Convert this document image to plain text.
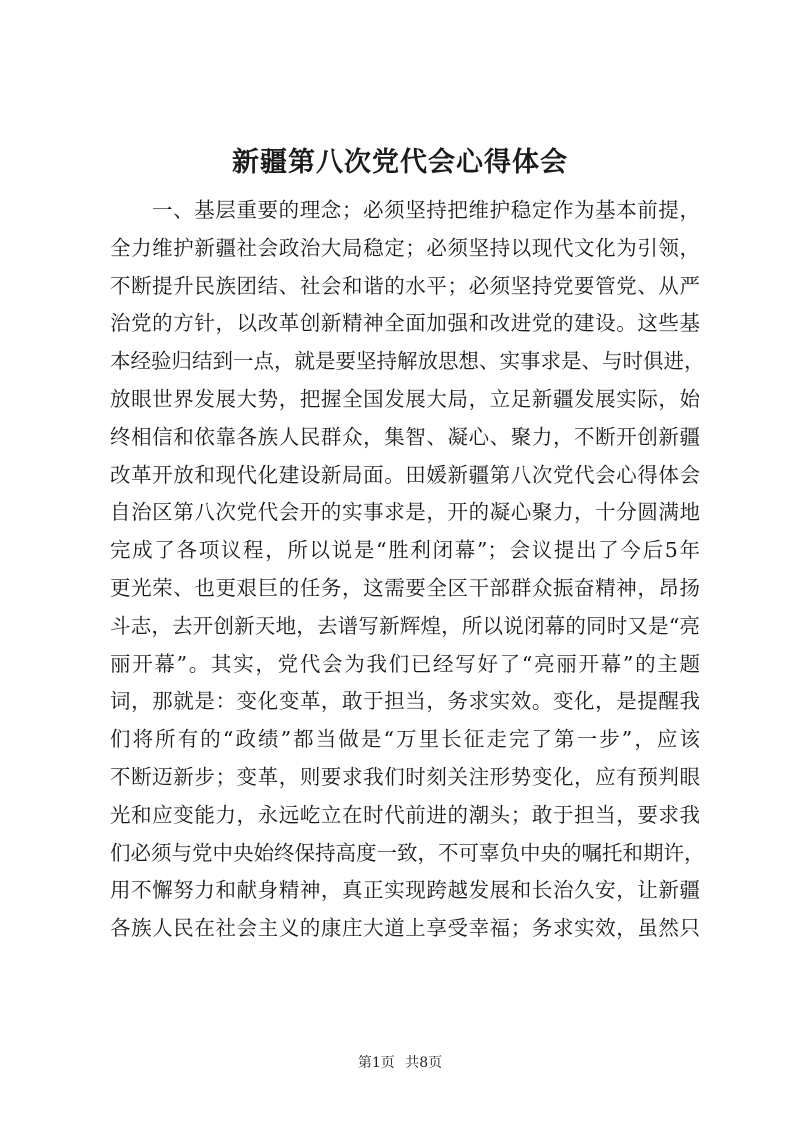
新疆第八次党代会心得体会
一、基层重要的理念；必须坚持把维护稳定作为基本前提，
全力维护新疆社会政治大局稳定；必须坚持以现代文化为引领，
不断提升民族团结、社会和谐的水平；必须坚持党要管党、从严
治党的方针，以改革创新精神全面加强和改进党的建设。这些基
本经验归结到一点，就是要坚持解放思想、实事求是、与时俱进，
放眼世界发展大势，把握全国发展大局，立足新疆发展实际，始
终相信和依靠各族人民群众，集智、凝心、聚力，不断开创新疆
改革开放和现代化建设新局面。田媛新疆第八次党代会心得体会
自治区第八次党代会开的实事求是，开的凝心聚力，十分圆满地
完成了各项议程，所以说是“胜利闭幕”；会议提出了今后5年
更光荣、也更艰巨的任务，这需要全区干部群众振奋精神，昂扬
斗志，去开创新天地，去谱写新辉煌，所以说闭幕的同时又是“亮
丽开幕”。其实，党代会为我们已经写好了“亮丽开幕”的主题
词，那就是：变化变革，敢于担当，务求实效。变化，是提醒我
们将所有的“政绩”都当做是“万里长征走完了第一步”，应该
不断迈新步；变革，则要求我们时刻关注形势变化，应有预判眼
光和应变能力，永远屹立在时代前进的潮头；敢于担当，要求我
们必须与党中央始终保持高度一致，不可辜负中央的嘱托和期许，
用不懈努力和献身精神，真正实现跨越发展和长治久安，让新疆
各族人民在社会主义的康庄大道上享受幸福；务求实效，虽然只
第1页 共8页
